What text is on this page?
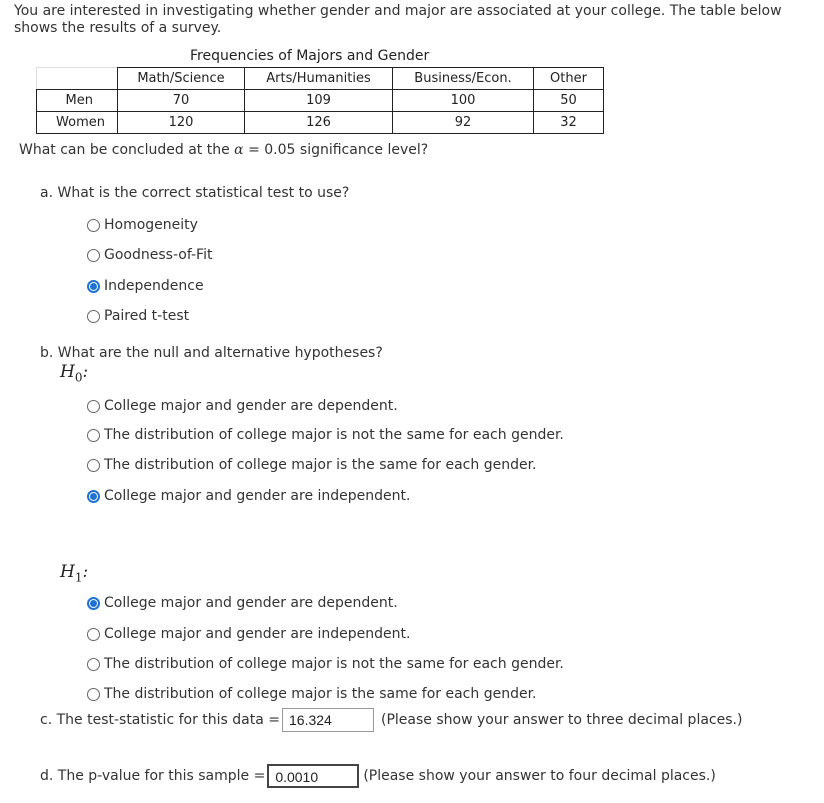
You are interested in investigating whether gender and major are associated at your college. The table below shows the results of a survey.
Frequencies of Majors and Gender
	Math/Science	Arts/Humanities	Business/Econ.	Other
Men	70	109	100	50
Women	120	126	92	32
What can be concluded at the α = 0.05 significance level?
a. What is the correct statistical test to use?
Homogeneity
Goodness-of-Fit
Independence
Paired t-test
b. What are the null and alternative hypotheses?
$H_0$:
College major and gender are dependent.
The distribution of college major is not the same for each gender.
The distribution of college major is the same for each gender.
College major and gender are independent.
$H_1$:
College major and gender are dependent.
College major and gender are independent.
The distribution of college major is not the same for each gender.
The distribution of college major is the same for each gender.
c. The test-statistic for this data = 16.324	(Please show your answer to three decimal places.)
d. The p-value for this sample = 0.0010	(Please show your answer to four decimal places.)
